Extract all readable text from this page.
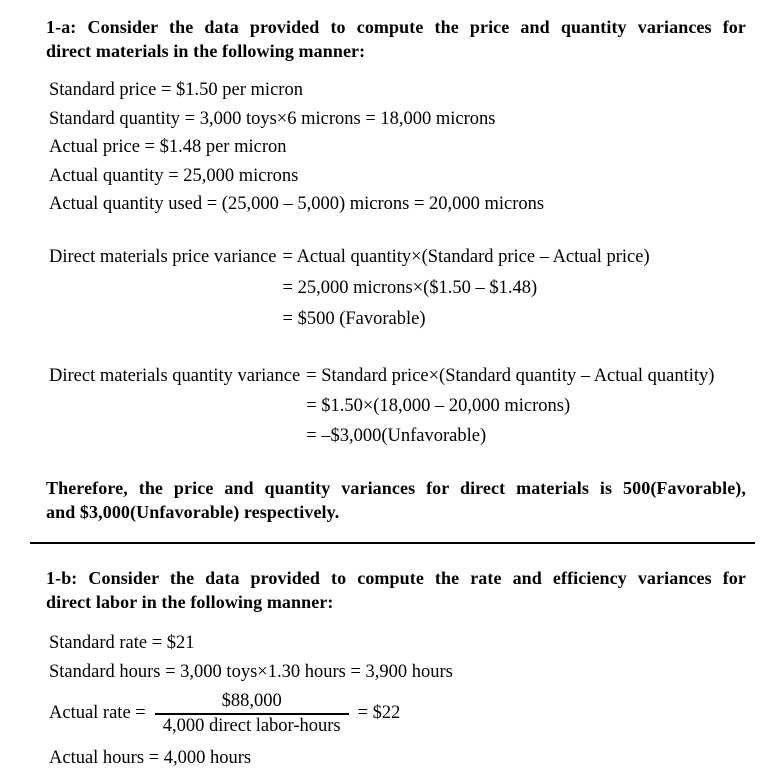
1-a: Consider the data provided to compute the price and quantity variances for
direct materials in the following manner:
Standard price = $1.50 per micron
Standard quantity = 3,000 toys×6 microns = 18,000 microns
Actual price = $1.48 per micron
Actual quantity = 25,000 microns
Actual quantity used = (25,000 – 5,000) microns = 20,000 microns
Direct materials price variance = Actual quantity×(Standard price – Actual price)
= 25,000 microns×($1.50 – $1.48)
= $500 (Favorable)
Direct materials quantity variance = Standard price×(Standard quantity – Actual quantity)
= $1.50×(18,000 – 20,000 microns)
= –$3,000(Unfavorable)
Therefore, the price and quantity variances for direct materials is 500(Favorable),
and $3,000(Unfavorable) respectively.
1-b: Consider the data provided to compute the rate and efficiency variances for
direct labor in the following manner:
Standard rate = $21
Standard hours = 3,000 toys×1.30 hours = 3,900 hours
Actual rate = $\frac{\$88,000}{\text{4,000 direct labor-hours}}$ = $22
Actual hours = 4,000 hours
